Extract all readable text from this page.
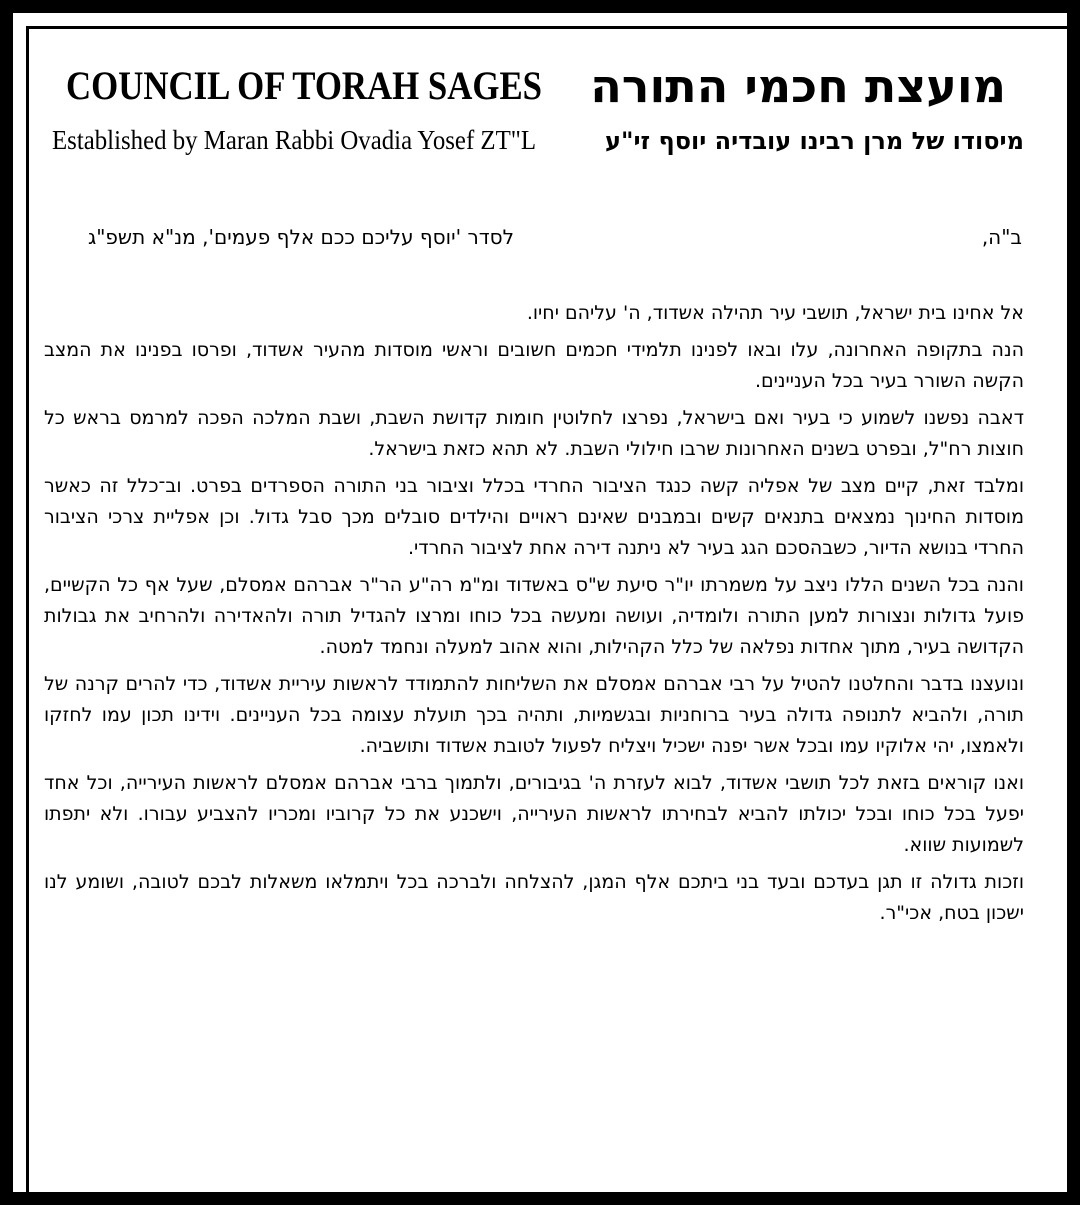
COUNCIL OF TORAH SAGES
Established by Maran Rabbi Ovadia Yosef ZT"L
מועצת חכמי התורה
מיסודו של מרן רבינו עובדיה יוסף זי"ע
ב"ה,
לסדר 'יוסף עליכם ככם אלף פעמים', מנ"א תשפ"ג

אל אחינו בית ישראל, תושבי עיר תהילה אשדוד, ה' עליהם יחיו.

הנה בתקופה האחרונה, עלו ובאו לפנינו תלמידי חכמים חשובים וראשי מוסדות מהעיר אשדוד, ופרסו בפנינו את המצב הקשה השורר בעיר בכל העניינים.

דאבה נפשנו לשמוע כי בעיר ואם בישראל, נפרצו לחלוטין חומות קדושת השבת, ושבת המלכה הפכה למרמס בראש כל חוצות רח"ל, ובפרט בשנים האחרונות שרבו חילולי השבת. לא תהא כזאת בישראל.

ומלבד זאת, קיים מצב של אפליה קשה כנגד הציבור החרדי בכלל וציבור בני התורה הספרדים בפרט. וב־כלל זה כאשר מוסדות החינוך נמצאים בתנאים קשים ובמבנים שאינם ראויים והילדים סובלים מכך סבל גדול. וכן אפליית צרכי הציבור החרדי בנושא הדיור, כשבהסכם הגג בעיר לא ניתנה דירה אחת לציבור החרדי.

והנה בכל השנים הללו ניצב על משמרתו יו"ר סיעת ש"ס באשדוד ומ"מ רה"ע הר"ר אברהם אמסלם, שעל אף כל הקשיים, פועל גדולות ונצורות למען התורה ולומדיה, ועושה ומעשה בכל כוחו ומרצו להגדיל תורה ולהאדירה ולהרחיב את גבולות הקדושה בעיר, מתוך אחדות נפלאה של כלל הקהילות, והוא אהוב למעלה ונחמד למטה.

ונועצנו בדבר והחלטנו להטיל על רבי אברהם אמסלם את השליחות להתמודד לראשות עיריית אשדוד, כדי להרים קרנה של תורה, ולהביא לתנופה גדולה בעיר ברוחניות ובגשמיות, ותהיה בכך תועלת עצומה בכל העניינים. וידינו תכון עמו לחזקו ולאמצו, יהי אלוקיו עמו ובכל אשר יפנה ישכיל ויצליח לפעול לטובת אשדוד ותושביה.

ואנו קוראים בזאת לכל תושבי אשדוד, לבוא לעזרת ה' בגיבורים, ולתמוך ברבי אברהם אמסלם לראשות העירייה, וכל אחד יפעל בכל כוחו ובכל יכולתו להביא לבחירתו לראשות העירייה, וישכנע את כל קרוביו ומכריו להצביע עבורו. ולא יתפתו לשמועות שווא.

וזכות גדולה זו תגן בעדכם ובעד בני ביתכם אלף המגן, להצלחה ולברכה בכל ויתמלאו משאלות לבכם לטובה, ושומע לנו ישכון בטח, אכי"ר.
